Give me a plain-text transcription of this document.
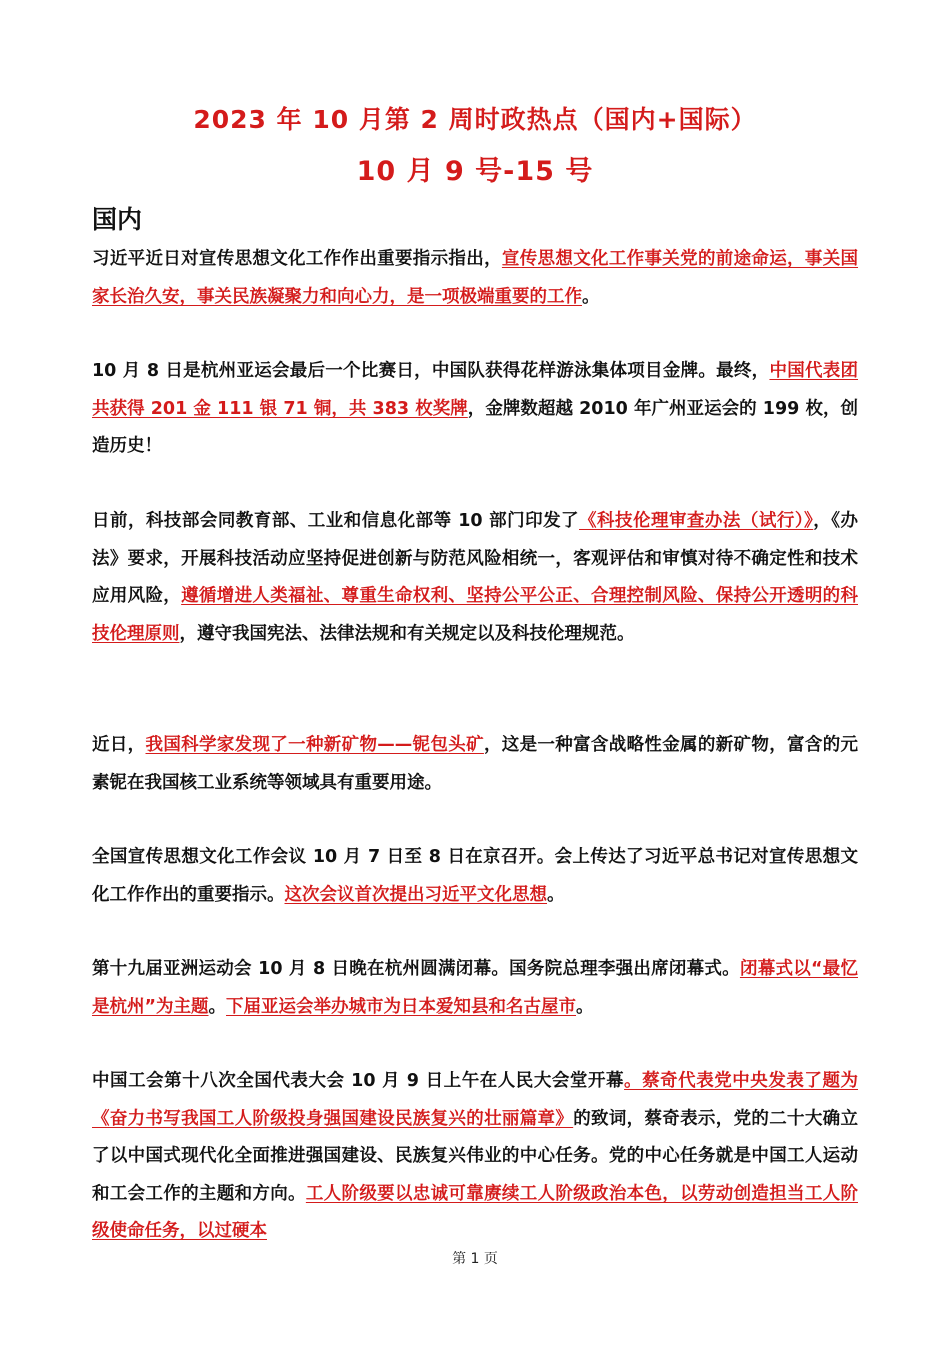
2023 年 10 月第 2 周时政热点（国内+国际）
10 月 9 号-15 号
国内

习近平近日对宣传思想文化工作作出重要指示指出，宣传思想文化工作事关党的前途命运，事关国家长治久安，事关民族凝聚力和向心力，是一项极端重要的工作。

10 月 8 日是杭州亚运会最后一个比赛日，中国队获得花样游泳集体项目金牌。最终，中国代表团共获得 201 金 111 银 71 铜，共 383 枚奖牌，金牌数超越 2010 年广州亚运会的 199 枚，创造历史！

日前，科技部会同教育部、工业和信息化部等 10 部门印发了《科技伦理审查办法（试行）》，《办法》要求，开展科技活动应坚持促进创新与防范风险相统一，客观评估和审慎对待不确定性和技术应用风险，遵循增进人类福祉、尊重生命权利、坚持公平公正、合理控制风险、保持公开透明的科技伦理原则，遵守我国宪法、法律法规和有关规定以及科技伦理规范。

近日，我国科学家发现了一种新矿物——铌包头矿，这是一种富含战略性金属的新矿物，富含的元素铌在我国核工业系统等领域具有重要用途。

全国宣传思想文化工作会议 10 月 7 日至 8 日在京召开。会上传达了习近平总书记对宣传思想文化工作作出的重要指示。这次会议首次提出习近平文化思想。

第十九届亚洲运动会 10 月 8 日晚在杭州圆满闭幕。国务院总理李强出席闭幕式。闭幕式以“最忆是杭州”为主题。下届亚运会举办城市为日本爱知县和名古屋市。

中国工会第十八次全国代表大会 10 月 9 日上午在人民大会堂开幕。蔡奇代表党中央发表了题为《奋力书写我国工人阶级投身强国建设民族复兴的壮丽篇章》的致词，蔡奇表示，党的二十大确立了以中国式现代化全面推进强国建设、民族复兴伟业的中心任务。党的中心任务就是中国工人运动和工会工作的主题和方向。工人阶级要以忠诚可靠赓续工人阶级政治本色，以劳动创造担当工人阶级使命任务，以过硬本

第 1 页
